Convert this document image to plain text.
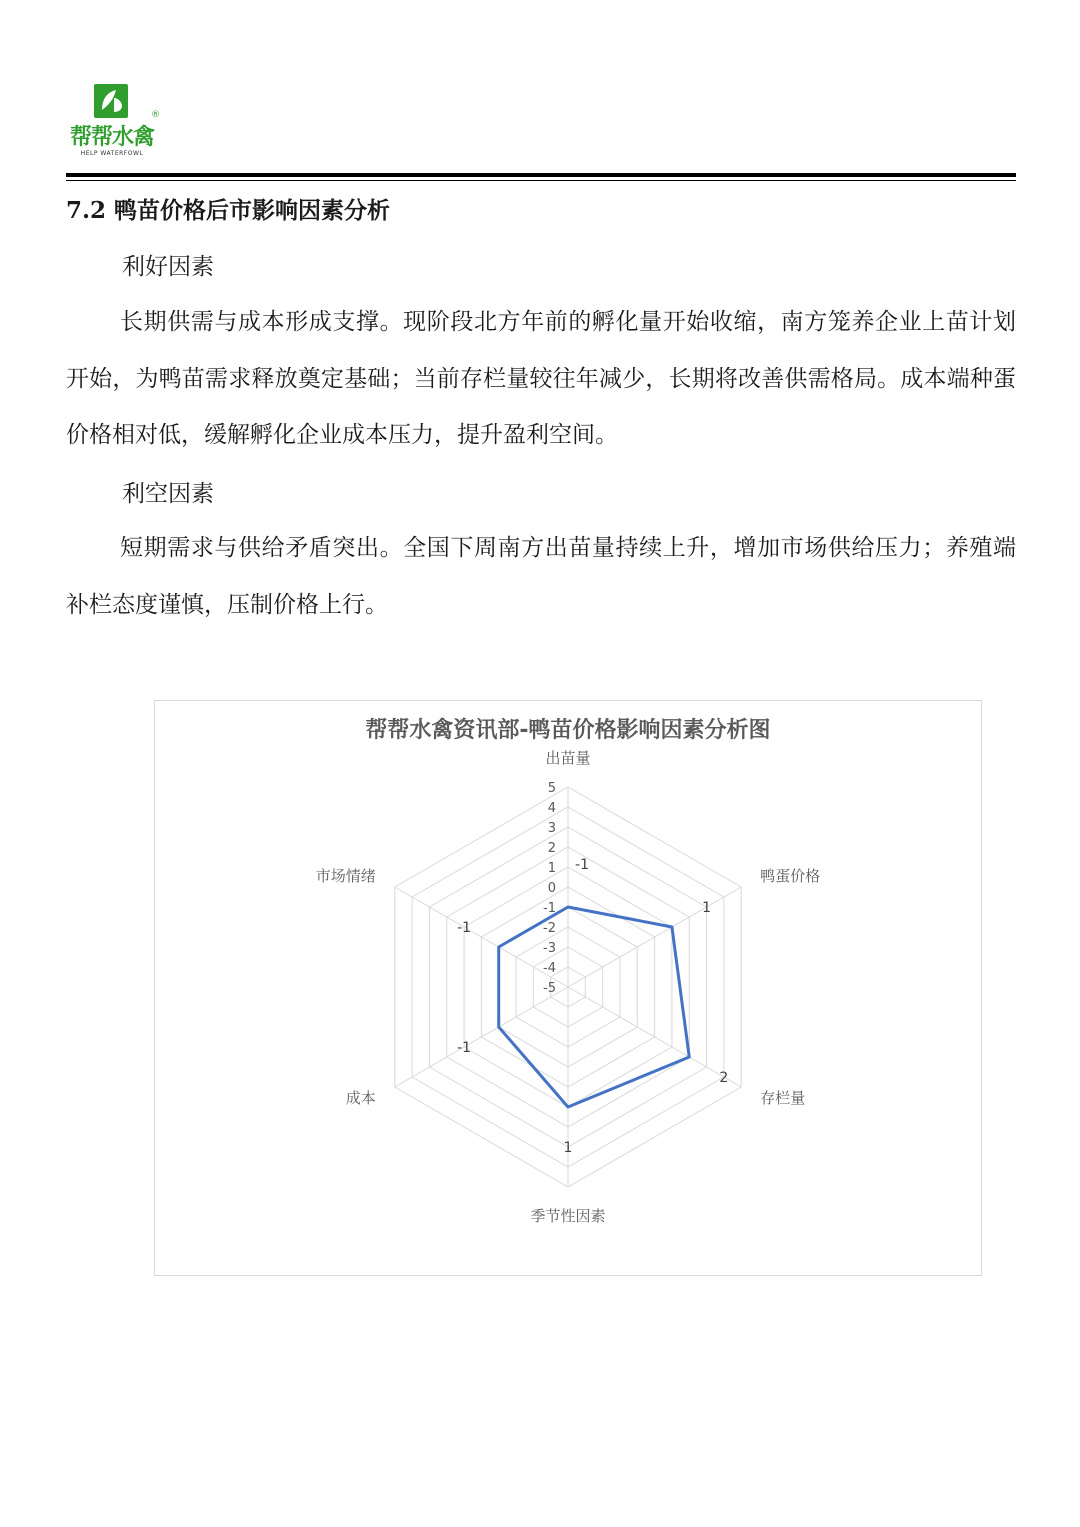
®
帮帮水禽
HELP WATERFOWL
7.2 鸭苗价格后市影响因素分析
利好因素
长期供需与成本形成支撑。现阶段北方年前的孵化量开始收缩，南方笼养企业上苗计划开始，为鸭苗需求释放奠定基础；当前存栏量较往年减少，长期将改善供需格局。成本端种蛋价格相对低，缓解孵化企业成本压力，提升盈利空间。
利空因素
短期需求与供给矛盾突出。全国下周南方出苗量持续上升，增加市场供给压力；养殖端补栏态度谨慎，压制价格上行。
帮帮水禽资讯部-鸭苗价格影响因素分析图
-5
-4
-3
-2
-1
0
1
2
3
4
5
出苗量
鸭蛋价格
存栏量
季节性因素
成本
市场情绪
-1
1
2
1
-1
-1
